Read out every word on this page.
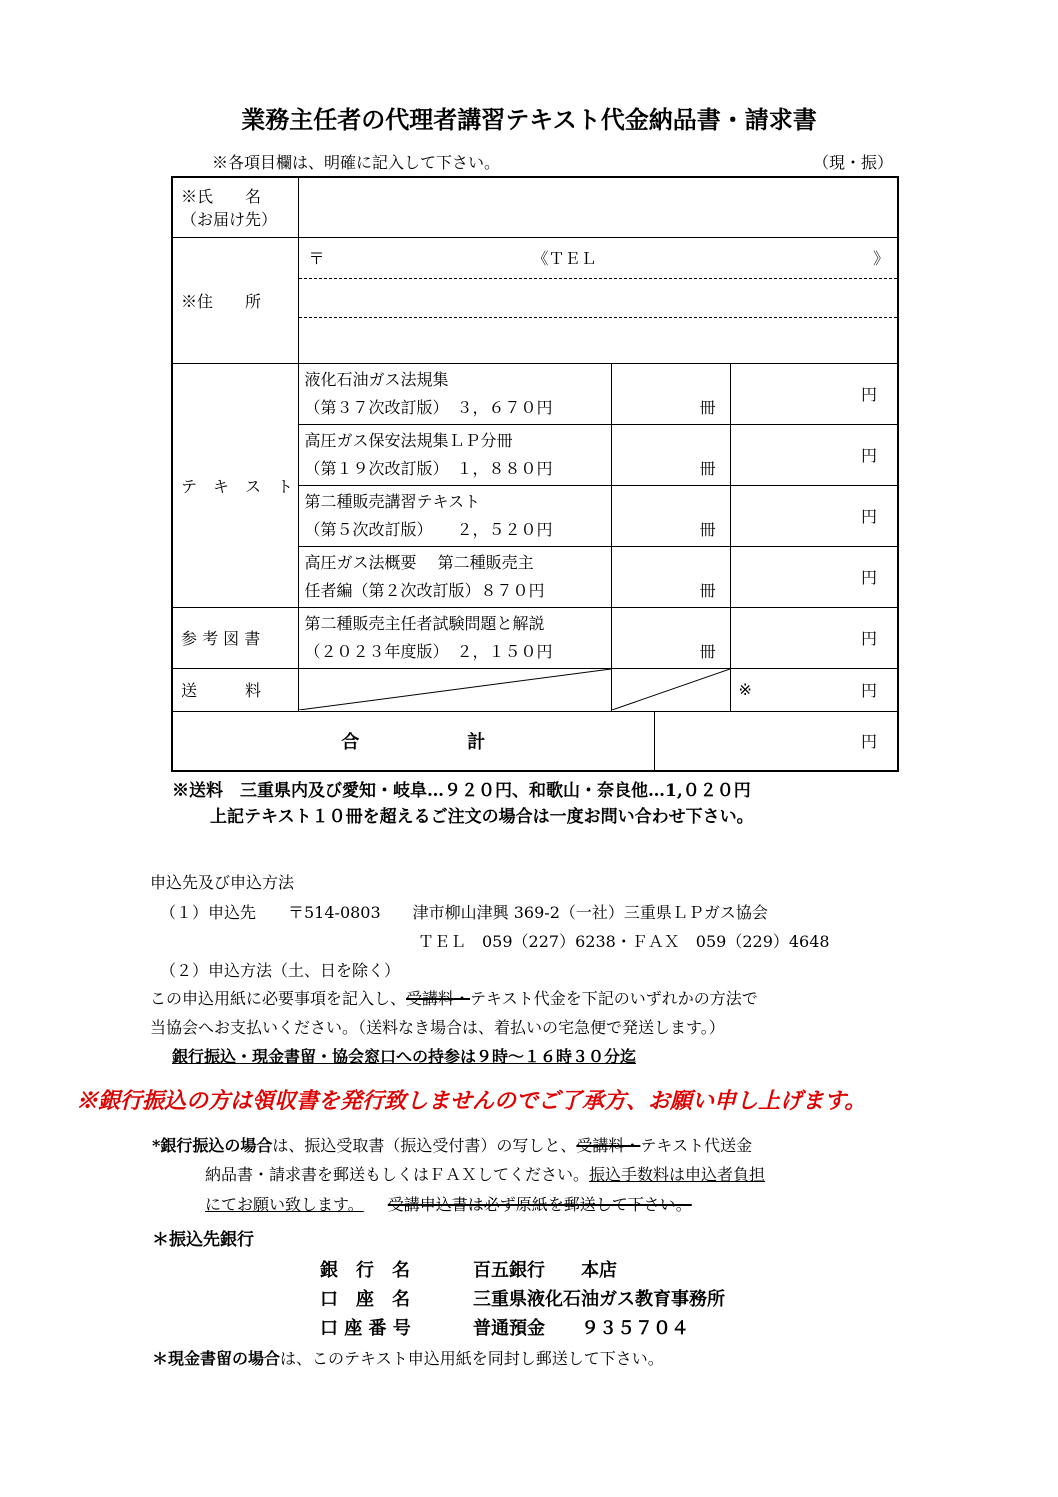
業務主任者の代理者講習テキスト代金納品書・請求書
※各項目欄は、明確に記入して下さい。	（現・振）
※氏　　名
（お届け先）				

※住　　所	〒 《ＴＥＬ 》			

テ　キ　ス　ト	液化石油ガス法規集
（第３７次改訂版）　３，６７０円	冊		円

	高圧ガス保安法規集ＬＰ分冊
（第１９次改訂版）　１，８８０円	冊		円

	第二種販売講習テキスト
（第５次改訂版）　　２，５２０円	冊		円

	高圧ガス法概要　 第二種販売主
任者編（第２次改訂版）８７０円	冊		円
参 考 図 書	第二種販売主任者試験問題と解説
（２０２３年度版）　２，１５０円	冊		円
送　　　料				※ 円
合　　　　　　計			円	
※送料　三重県内及び愛知・岐阜…９２０円、和歌山・奈良他…1,０２０円
上記テキスト１０冊を超えるご注文の場合は一度お問い合わせ下さい。
申込先及び申込方法
（１）申込先 〒514-0803　　津市柳山津興 369-2（一社）三重県ＬＰガス協会
ＴＥＬ　059（227）6238・ＦＡＸ　059（229）4648
（２）申込方法（土、日を除く）
この申込用紙に必要事項を記入し、受講料・テキスト代金を下記のいずれかの方法で
当協会へお支払いください。（送料なき場合は、着払いの宅急便で発送します。）
銀行振込・現金書留・協会窓口への持参は９時～１６時３０分迄
※銀行振込の方は領収書を発行致しませんのでご了承方、お願い申し上げます。
*銀行振込の場合は、振込受取書（振込受付書）の写しと、受講料・テキスト代送金
納品書・請求書を郵送もしくはＦＡＸしてください。振込手数料は申込者負担
にてお願い致します。 受講申込書は必ず原紙を郵送して下さい。
＊振込先銀行
銀　行　名	百五銀行　　本店
口　座　名	三重県液化石油ガス教育事務所
口 座 番 号	普通預金　　９３５７０４
＊現金書留の場合は、このテキスト申込用紙を同封し郵送して下さい。
